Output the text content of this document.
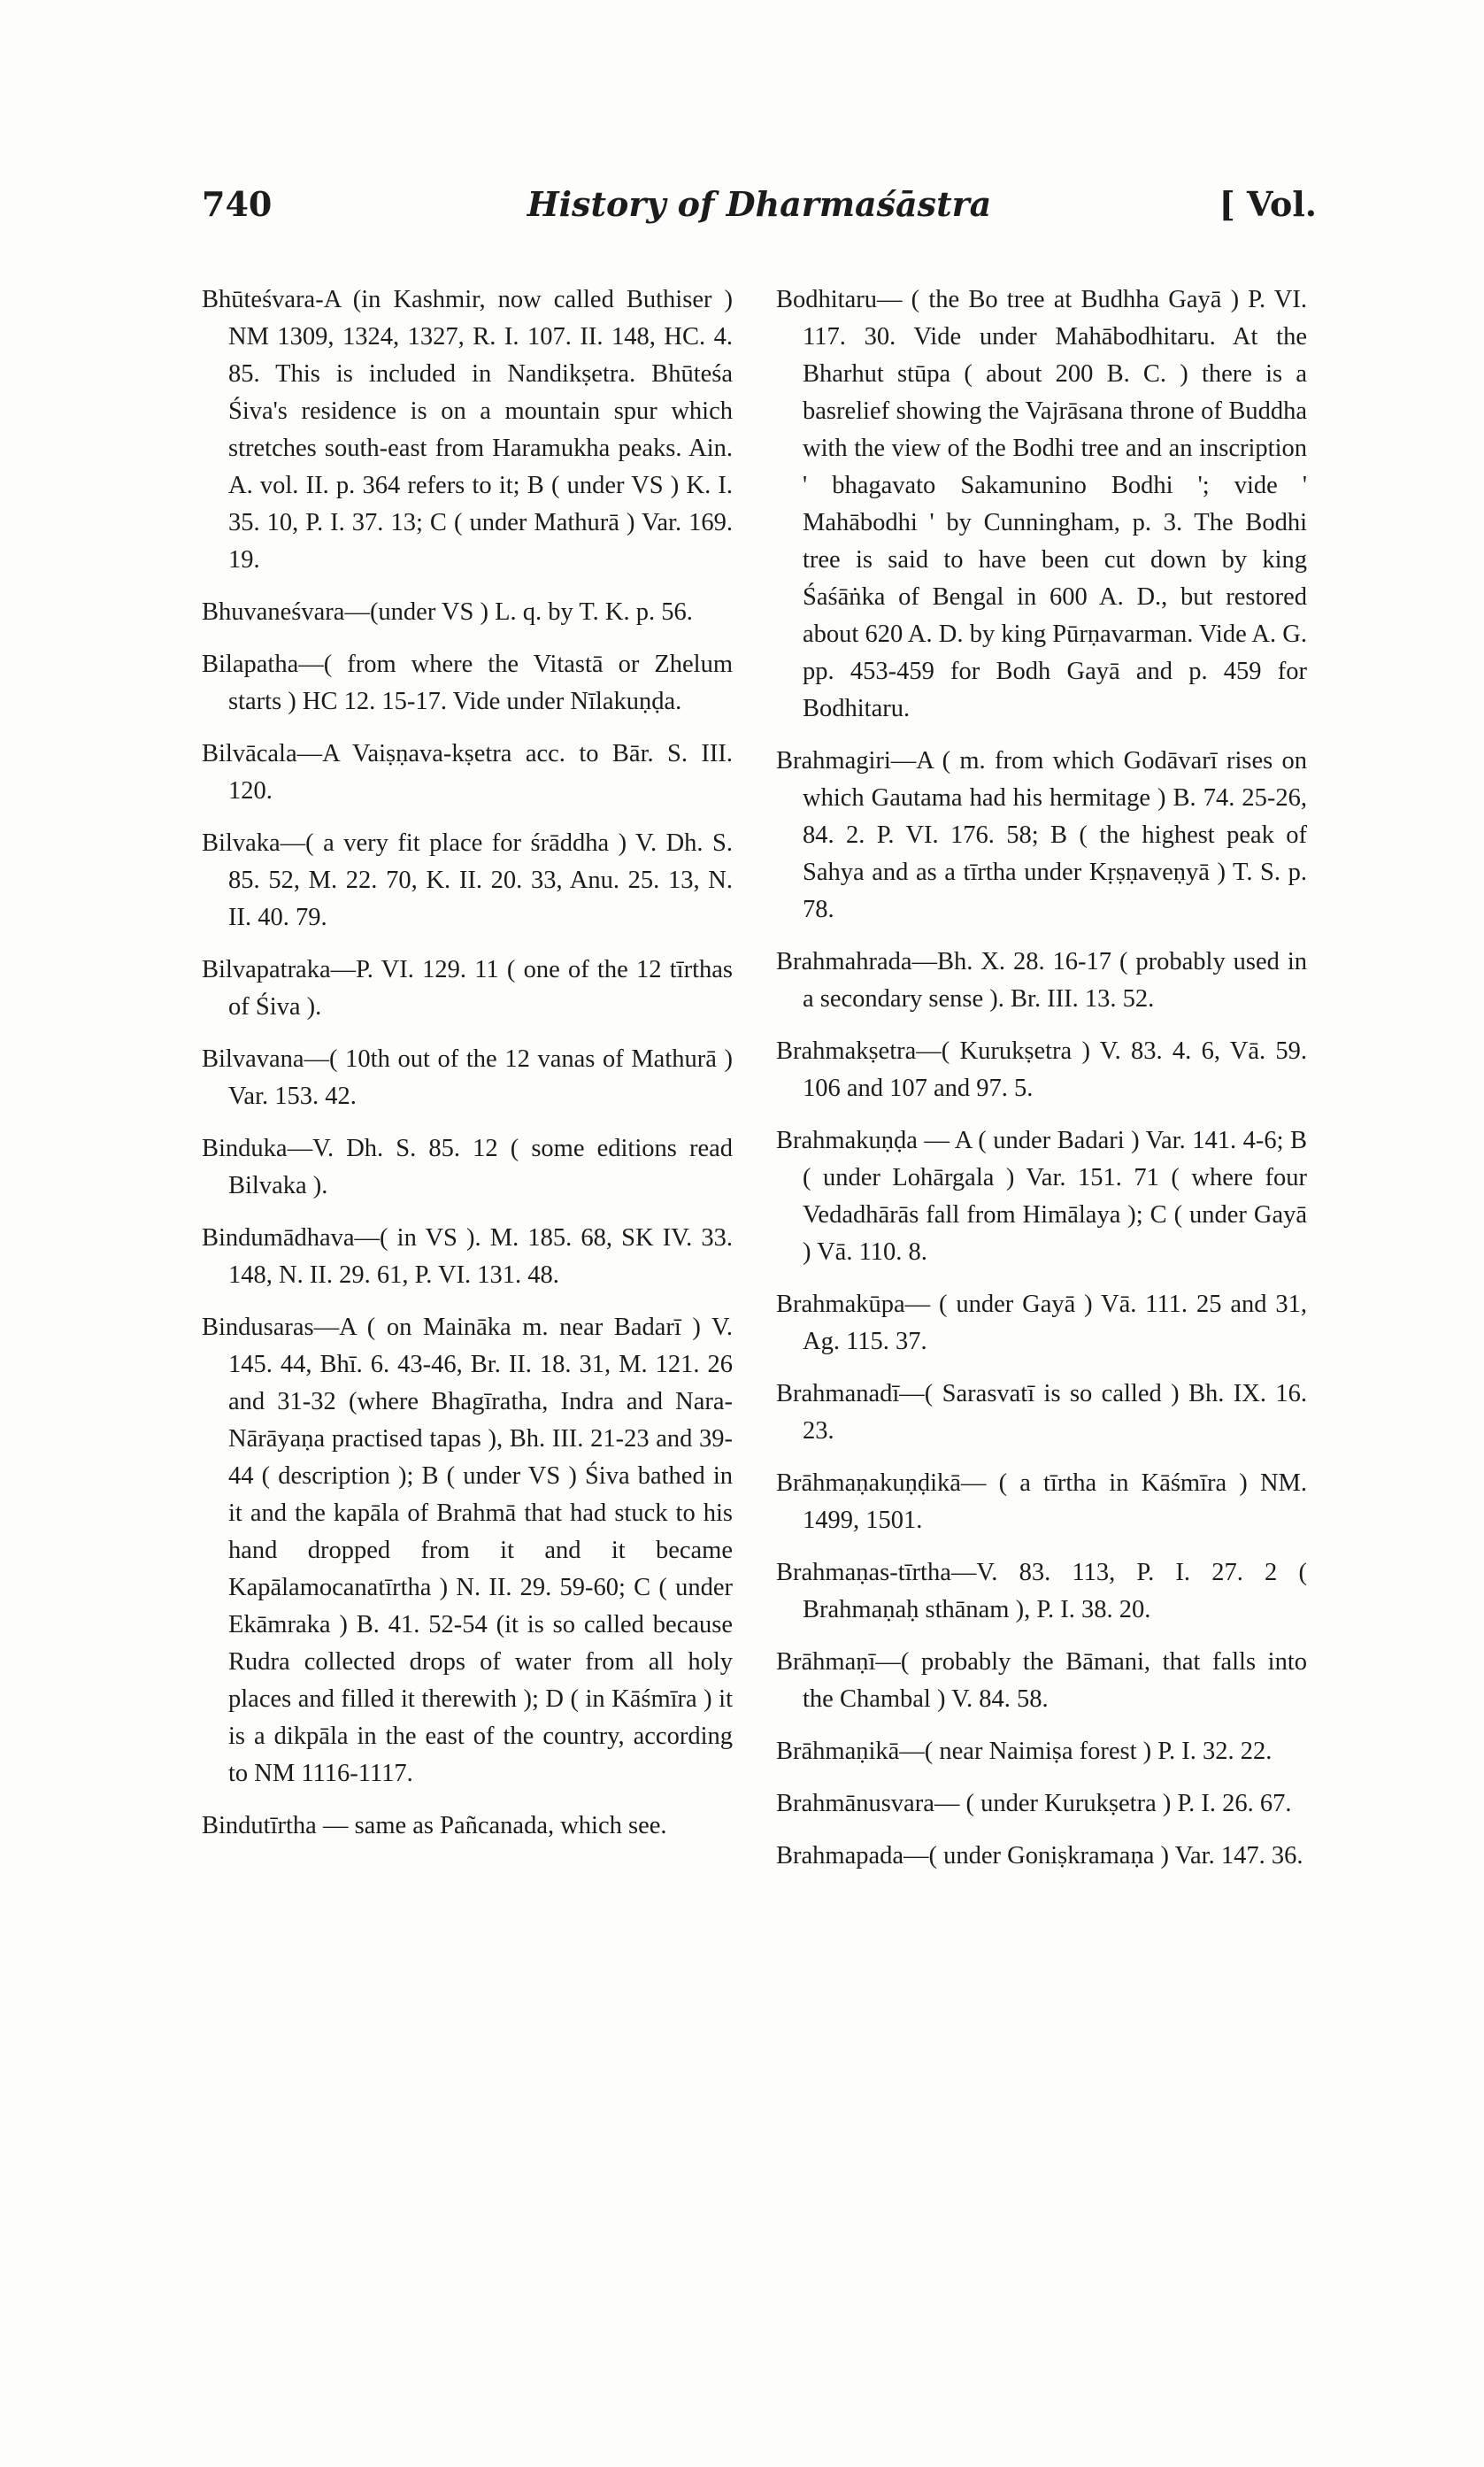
740	History of Dharmaśāstra	[ Vol.

Bhūteśvara-A (in Kashmir, now called Buthiser ) NM 1309, 1324, 1327, R. I. 107. II. 148, HC. 4. 85. This is included in Nandikṣetra. Bhūteśa Śiva's residence is on a mountain spur which stretches south-east from Haramukha peaks. Ain. A. vol. II. p. 364 refers to it; B ( under VS ) K. I. 35. 10, P. I. 37. 13; C ( under Mathurā ) Var. 169. 19.

Bhuvaneśvara—(under VS ) L. q. by T. K. p. 56.

Bilapatha—( from where the Vitastā or Zhelum starts ) HC 12. 15-17. Vide under Nīlakuṇḍa.

Bilvācala—A Vaiṣṇava-kṣetra acc. to Bār. S. III. 120.

Bilvaka—( a very fit place for śrāddha ) V. Dh. S. 85. 52, M. 22. 70, K. II. 20. 33, Anu. 25. 13, N. II. 40. 79.

Bilvapatraka—P. VI. 129. 11 ( one of the 12 tīrthas of Śiva ).

Bilvavana—( 10th out of the 12 vanas of Mathurā ) Var. 153. 42.

Binduka—V. Dh. S. 85. 12 ( some editions read Bilvaka ).

Bindumādhava—( in VS ). M. 185. 68, SK IV. 33. 148, N. II. 29. 61, P. VI. 131. 48.

Bindusaras—A ( on Maināka m. near Badarī ) V. 145. 44, Bhī. 6. 43-46, Br. II. 18. 31, M. 121. 26 and 31-32 (where Bhagīratha, Indra and Nara-Nārāyaṇa practised tapas ), Bh. III. 21-23 and 39-44 ( description ); B ( under VS ) Śiva bathed in it and the kapāla of Brahmā that had stuck to his hand dropped from it and it became Kapālamocanatīrtha ) N. II. 29. 59-60; C ( under Ekāmraka ) B. 41. 52-54 (it is so called because Rudra collected drops of water from all holy places and filled it therewith ); D ( in Kāśmīra ) it is a dikpāla in the east of the country, according to NM 1116-1117.

Bindutīrtha — same as Pañcanada, which see.

Bodhitaru— ( the Bo tree at Budhha Gayā ) P. VI. 117. 30. Vide under Mahābodhitaru. At the Bharhut stūpa ( about 200 B. C. ) there is a basrelief showing the Vajrāsana throne of Buddha with the view of the Bodhi tree and an inscription ' bhagavato Sakamunino Bodhi '; vide ' Mahābodhi ' by Cunningham, p. 3. The Bodhi tree is said to have been cut down by king Śaśāṅka of Bengal in 600 A. D., but restored about 620 A. D. by king Pūrṇavarman. Vide A. G. pp. 453-459 for Bodh Gayā and p. 459 for Bodhitaru.

Brahmagiri—A ( m. from which Godāvarī rises on which Gautama had his hermitage ) B. 74. 25-26, 84. 2. P. VI. 176. 58; B ( the highest peak of Sahya and as a tīrtha under Kṛṣṇaveṇyā ) T. S. p. 78.

Brahmahrada—Bh. X. 28. 16-17 ( probably used in a secondary sense ). Br. III. 13. 52.

Brahmakṣetra—( Kurukṣetra ) V. 83. 4. 6, Vā. 59. 106 and 107 and 97. 5.

Brahmakuṇḍa — A ( under Badari ) Var. 141. 4-6; B ( under Lohārgala ) Var. 151. 71 ( where four Vedadhārās fall from Himālaya ); C ( under Gayā ) Vā. 110. 8.

Brahmakūpa— ( under Gayā ) Vā. 111. 25 and 31, Ag. 115. 37.

Brahmanadī—( Sarasvatī is so called ) Bh. IX. 16. 23.

Brāhmaṇakuṇḍikā— ( a tīrtha in Kāśmīra ) NM. 1499, 1501.

Brahmaṇas-tīrtha—V. 83. 113, P. I. 27. 2 ( Brahmaṇaḥ sthānam ), P. I. 38. 20.

Brāhmaṇī—( probably the Bāmani, that falls into the Chambal ) V. 84. 58.

Brāhmaṇikā—( near Naimiṣa forest ) P. I. 32. 22.

Brahmānusvara— ( under Kurukṣetra ) P. I. 26. 67.

Brahmapada—( under Goniṣkramaṇa ) Var. 147. 36.
